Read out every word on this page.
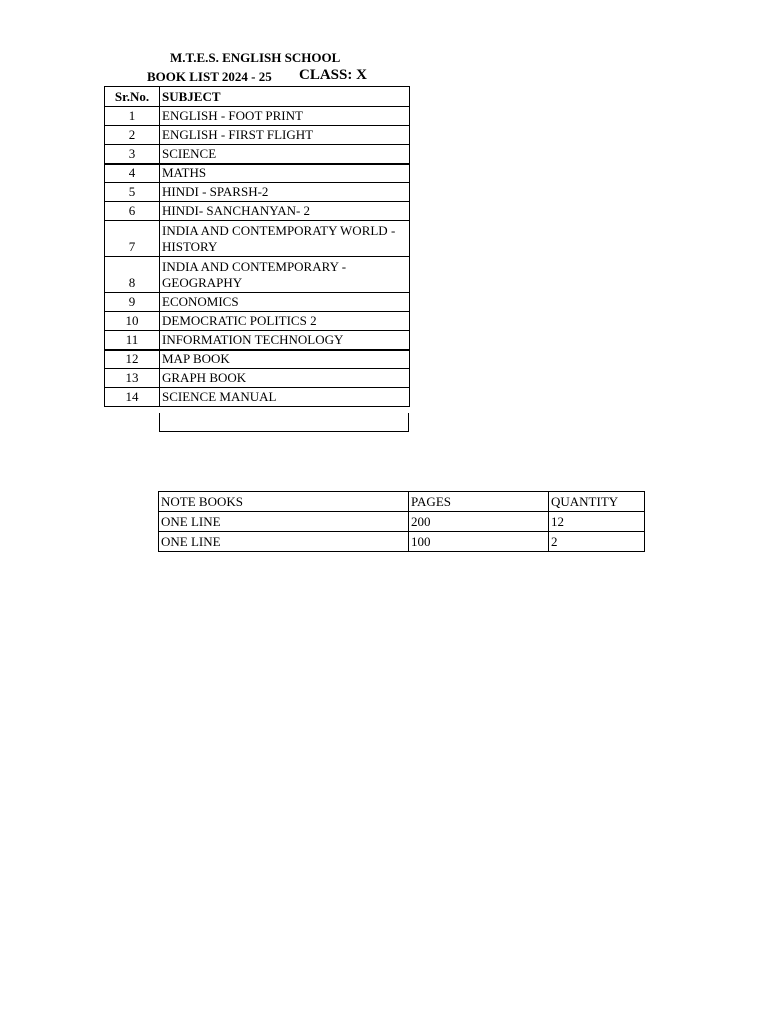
M.T.E.S. ENGLISH SCHOOL
BOOK LIST 2024 - 25 CLASS: X
Sr.No.	SUBJECT
1	ENGLISH - FOOT PRINT
2	ENGLISH - FIRST FLIGHT
3	SCIENCE
4	MATHS
5	HINDI - SPARSH-2
6	HINDI- SANCHANYAN- 2
7	INDIA AND CONTEMPORATY WORLD -
HISTORY

8	INDIA AND CONTEMPORARY -
GEOGRAPHY

9	ECONOMICS
10	DEMOCRATIC POLITICS 2
11	INFORMATION TECHNOLOGY
12	MAP BOOK
13	GRAPH BOOK
14	SCIENCE MANUAL
NOTE BOOKS	PAGES	QUANTITY
ONE LINE	200	12
ONE LINE	100	2
